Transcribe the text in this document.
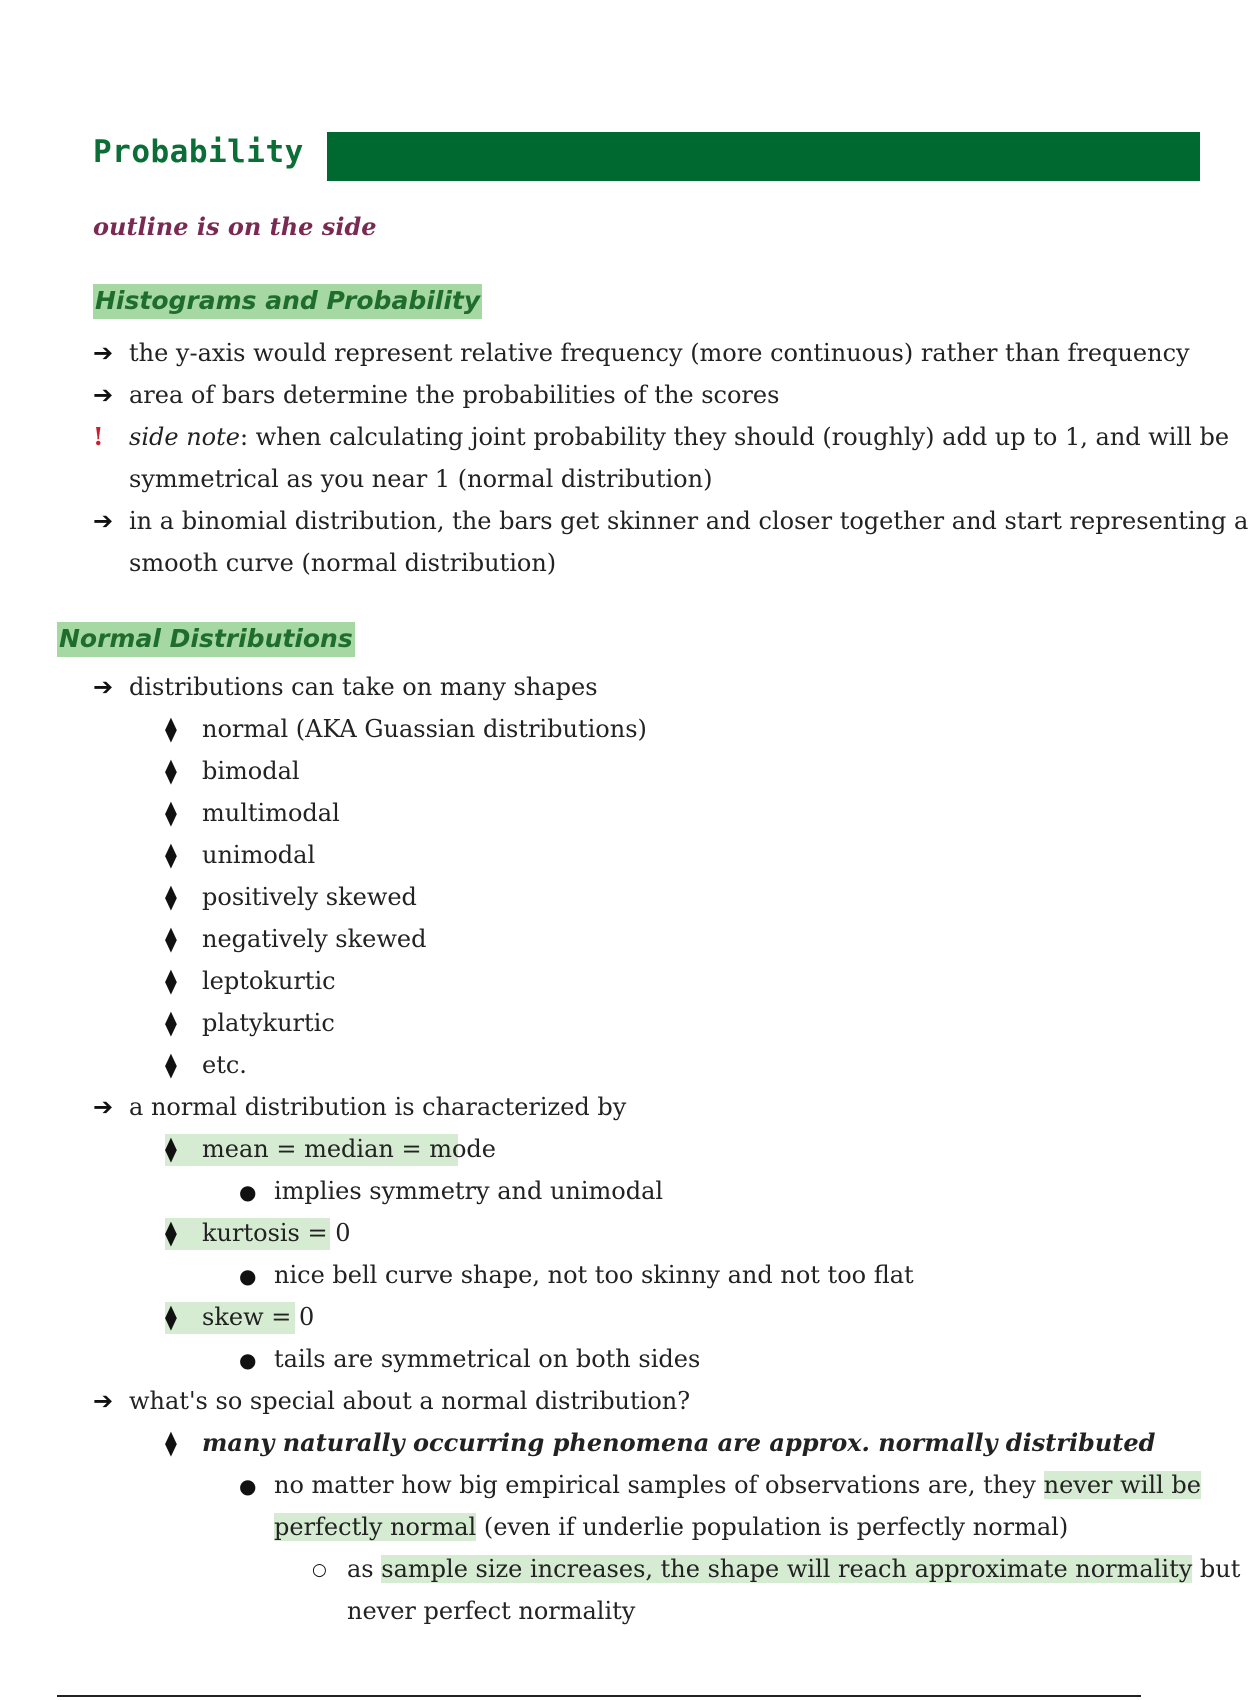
Probability
outline is on the side
Histograms and Probability
➔ the y-axis would represent relative frequency (more continuous) rather than frequency
➔ area of bars determine the probabilities of the scores
! side note: when calculating joint probability they should (roughly) add up to 1, and will be
symmetrical as you near 1 (normal distribution)
➔ in a binomial distribution, the bars get skinner and closer together and start representing a
smooth curve (normal distribution)
Normal Distributions
➔ distributions can take on many shapes
⧫ normal (AKA Guassian distributions)
⧫ bimodal
⧫ multimodal
⧫ unimodal
⧫ positively skewed
⧫ negatively skewed
⧫ leptokurtic
⧫ platykurtic
⧫ etc.
➔ a normal distribution is characterized by
⧫ mean = median = mode
● implies symmetry and unimodal
⧫ kurtosis = 0
● nice bell curve shape, not too skinny and not too flat
⧫ skew = 0
● tails are symmetrical on both sides
➔ what's so special about a normal distribution?
⧫ many naturally occurring phenomena are approx. normally distributed
● no matter how big empirical samples of observations are, they never will be
perfectly normal (even if underlie population is perfectly normal)
○ as sample size increases, the shape will reach approximate normality but
never perfect normality
